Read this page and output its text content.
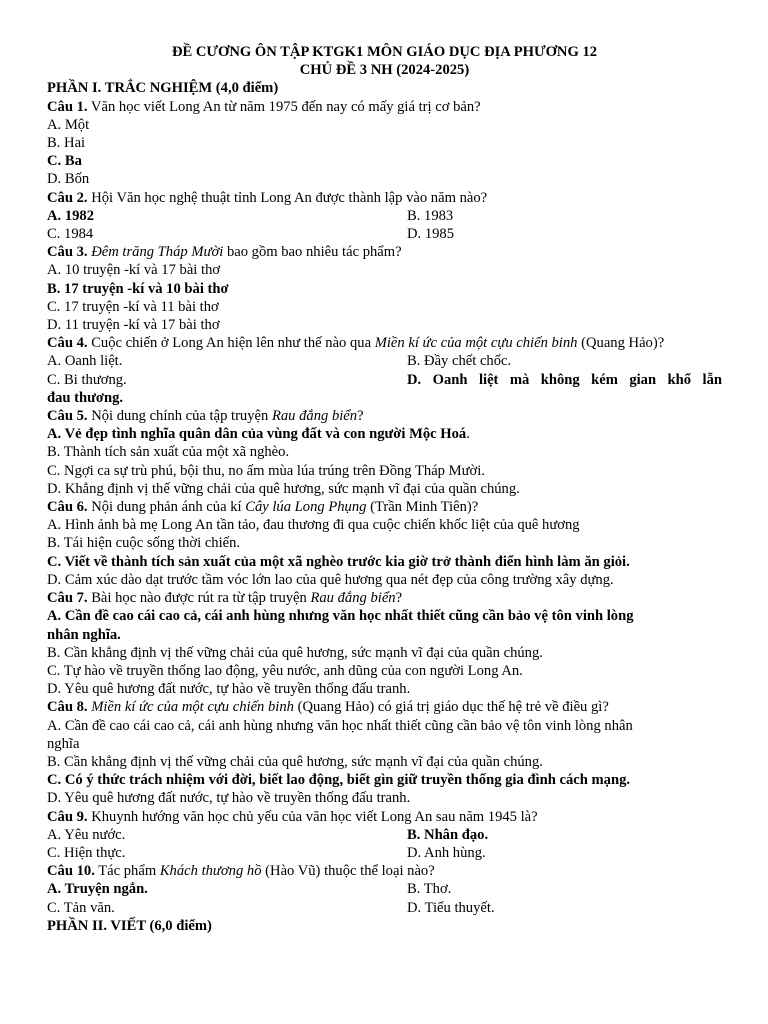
ĐỀ CƯƠNG ÔN TẬP KTGK1 MÔN GIÁO DỤC ĐỊA PHƯƠNG 12
CHỦ ĐỀ 3 NH (2024-2025)
PHẦN I. TRẮC NGHIỆM (4,0 điểm)
Câu 1. Văn học viết Long An từ năm 1975 đến nay có mấy giá trị cơ bản?
A. Một
B. Hai
C. Ba
D. Bốn
Câu 2. Hội Văn học nghệ thuật tỉnh Long An được thành lập vào năm nào?
A. 1982	B. 1983
C. 1984	D. 1985
Câu 3. Đêm trăng Tháp Mười bao gồm bao nhiêu tác phẩm?
A. 10 truyện -kí và 17 bài thơ
B. 17 truyện -kí và 10 bài thơ
C. 17 truyện -kí và 11 bài thơ
D. 11 truyện -kí và 17 bài thơ
Câu 4. Cuộc chiến ở Long An hiện lên như thế nào qua Miền kí ức của một cựu chiến binh (Quang Hảo)?
A. Oanh liệt.	B. Đầy chết chốc.
C. Bi thương.	D. Oanh liệt mà không kém gian khổ lẫn
đau thương.
Câu 5. Nội dung chính của tập truyện Rau đắng biển?
A. Vẻ đẹp tình nghĩa quân dân của vùng đất và con người Mộc Hoá.
B. Thành tích sản xuất của một xã nghèo.
C. Ngợi ca sự trù phú, bội thu, no ấm mùa lúa trúng trên Đồng Tháp Mười.
D. Khẳng định vị thế vững chải của quê hương, sức mạnh vĩ đại của quần chúng.
Câu 6. Nội dung phản ánh của kí Cây lúa Long Phụng (Trần Minh Tiên)?
A. Hình ảnh bà mẹ Long An tần tảo, đau thương đi qua cuộc chiến khốc liệt của quê hương
B. Tái hiện cuộc sống thời chiến.
C. Viết về thành tích sản xuất của một xã nghèo trước kia giờ trở thành điển hình làm ăn giỏi.
D. Cảm xúc dào dạt trước tầm vóc lớn lao của quê hương qua nét đẹp của công trường xây dựng.
Câu 7. Bài học nào được rút ra từ tập truyện Rau đắng biển?
A. Cần đề cao cái cao cả, cái anh hùng nhưng văn học nhất thiết cũng cần bảo vệ tôn vinh lòng
nhân nghĩa.
B. Cần khẳng định vị thế vững chải của quê hương, sức mạnh vĩ đại của quần chúng.
C. Tự hào về truyền thống lao động, yêu nước, anh dũng của con người Long An.
D. Yêu quê hương đất nước, tự hào về truyền thống đấu tranh.
Câu 8. Miền kí ức của một cựu chiến binh (Quang Hảo) có giá trị giáo dục thế hệ trẻ về điều gì?
A. Cần đề cao cái cao cả, cái anh hùng nhưng văn học nhất thiết cũng cần bảo vệ tôn vinh lòng nhân
nghĩa
B. Cần khẳng định vị thế vững chải của quê hương, sức mạnh vĩ đại của quần chúng.
C. Có ý thức trách nhiệm với đời, biết lao động, biết gìn giữ truyền thống gia đình cách mạng.
D. Yêu quê hương đất nước, tự hào về truyền thống đấu tranh.
Câu 9. Khuynh hướng văn học chủ yếu của văn học viết Long An sau năm 1945 là?
A. Yêu nước.	B. Nhân đạo.
C. Hiện thực.	D. Anh hùng.
Câu 10. Tác phẩm Khách thương hồ (Hào Vũ) thuộc thể loại nào?
A. Truyện ngắn.	B. Thơ.
C. Tản văn.	D. Tiểu thuyết.
PHẦN II. VIẾT (6,0 điểm)
